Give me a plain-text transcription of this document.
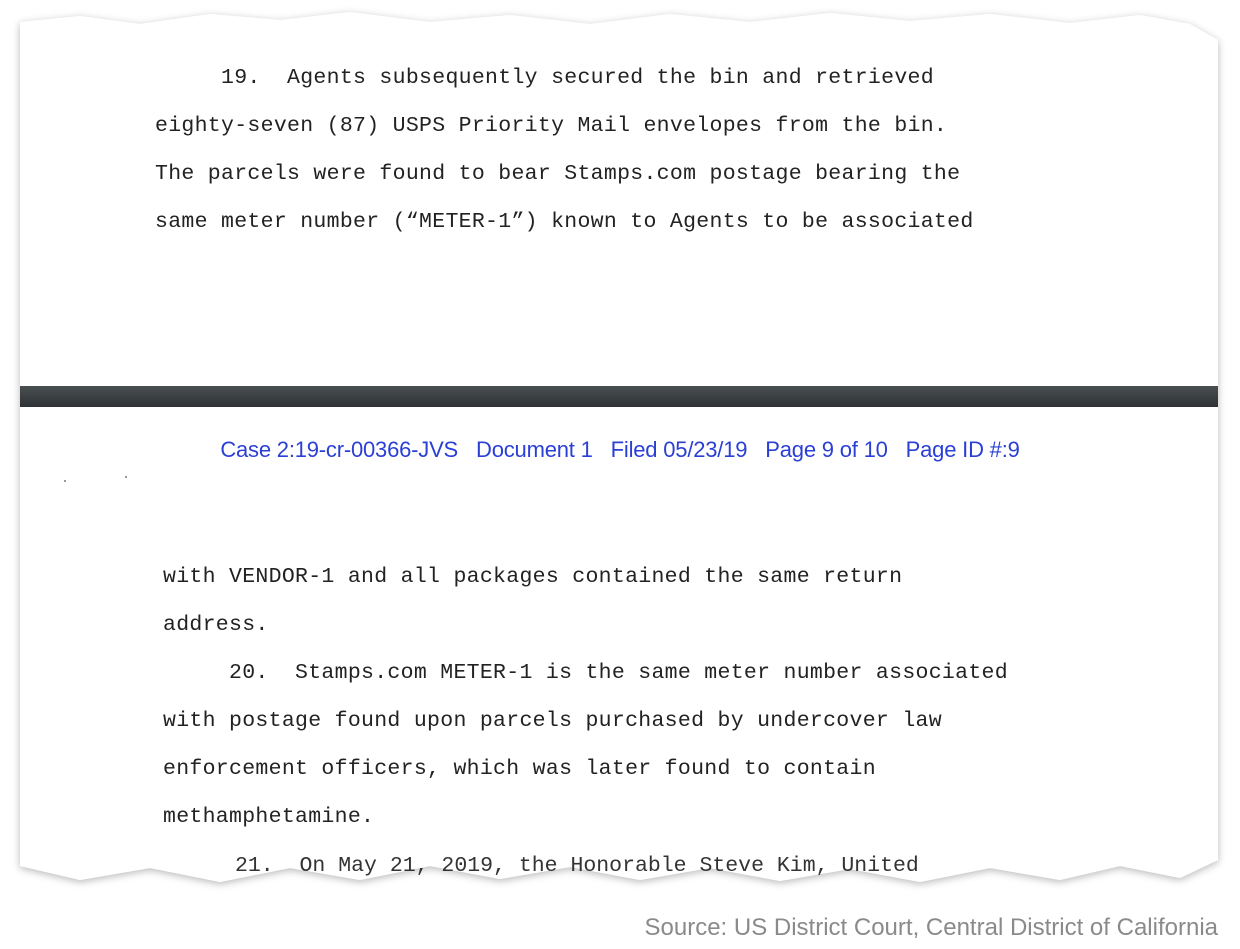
19.  Agents subsequently secured the bin and retrieved
eighty-seven (87) USPS Priority Mail envelopes from the bin.
The parcels were found to bear Stamps.com postage bearing the
same meter number (“METER-1”) known to Agents to be associated
Case 2:19-cr-00366-JVS Document 1 Filed 05/23/19 Page 9 of 10 Page ID #:9
with VENDOR-1 and all packages contained the same return
address.
20.  Stamps.com METER-1 is the same meter number associated
with postage found upon parcels purchased by undercover law
enforcement officers, which was later found to contain
methamphetamine.
21.  On May 21, 2019, the Honorable Steve Kim, United
Source: US District Court, Central District of California
